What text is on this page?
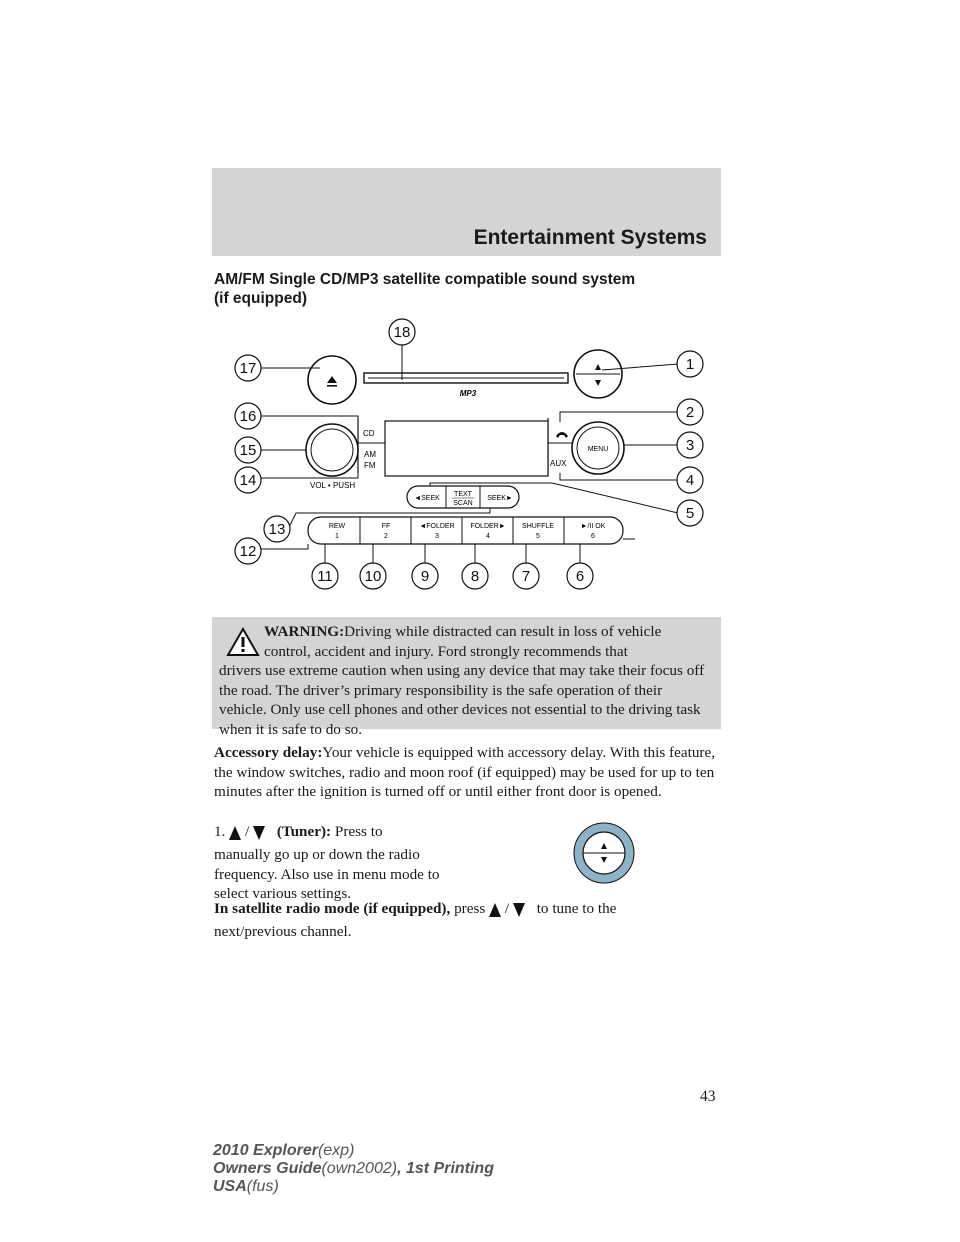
Entertainment Systems
AM/FM Single CD/MP3 satellite compatible sound system
(if equipped)
MP3
CD
AM
FM
VOL • PUSH
AUX
MENU
◄SEEK
TEXT
SCAN
SEEK►
REW
1
FF
2
◄FOLDER
3
FOLDER►
4
SHUFFLE
5
►/II OK
6
18
17	1
16	2
15	3
14	4
5
13
12
11 10	9	8	7	6
WARNING:Driving while distracted can result in loss of vehicle
control, accident and injury. Ford strongly recommends that
drivers use extreme caution when using any device that may take their focus off the road. The driver’s primary responsibility is the safe operation of their vehicle. Only use cell phones and other devices not essential to the driving task when it is safe to do so.
Accessory delay:Your vehicle is equipped with accessory delay. With this feature, the window switches, radio and moon roof (if equipped) may be used for up to ten minutes after the ignition is turned off or until either front door is opened.
1. / (Tuner): Press to
manually go up or down the radio frequency. Also use in menu mode to select various settings.
In satellite radio mode (if equipped), press / to tune to the
next/previous channel.
43
2010 Explorer(exp)
Owners Guide(own2002), 1st Printing
USA(fus)
